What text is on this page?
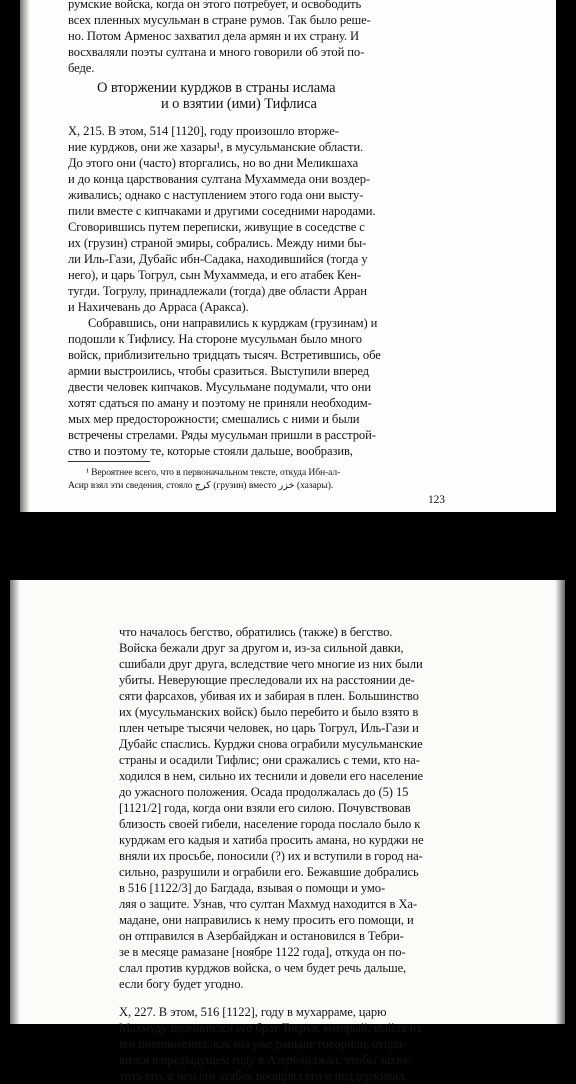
румские войска, когда он этого потребует, и освободить
всех пленных мусульман в стране румов. Так было реше-
но. Потом Арменос захватил дела армян и их страну. И
восхваляли поэты султана и много говорили об этой по-
беде.
О вторжении курджов в страны ислама
и о взятии (ими) Тифлиса
X, 215. В этом, 514 [1120], году произошло вторже-
ние курджов, они же хазары¹, в мусульманские области.
До этого они (часто) вторгались, но во дни Меликшаха
и до конца царствования султана Мухаммеда они воздер-
живались; однако с наступлением этого года они высту-
пили вместе с кипчаками и другими соседними народами.
Сговорившись путем переписки, живущие в соседстве с
их (грузин) страной эмиры, собрались. Между ними бы-
ли Иль-Гази, Дубайс ибн-Садака, находившийся (тогда у
него), и царь Тогрул, сын Мухаммеда, и его атабек Кен-
тугди. Тогрулу, принадлежали (тогда) две области Арран
и Нахичевань до Арраса (Аракса).
Собравшись, они направились к курджам (грузинам) и
подошли к Тифлису. На стороне мусульман было много
войск, приблизительно тридцать тысяч. Встретившись, обе
армии выстроились, чтобы сразиться. Выступили вперед
двести человек кипчаков. Мусульмане подумали, что они
хотят сдаться по аману и поэтому не приняли необходим-
мых мер предосторожности; смешались с ними и были
встречены стрелами. Ряды мусульман пришли в расстрой-
ство и поэтому те, которые стояли дальше, вообразив,
¹ Вероятнее всего, что в первоначальном тексте, откуда Ибн-ал-
Асир взял эти сведения, стояло کرج (грузин) вместо خزر (хазары).
123
что началось бегство, обратились (также) в бегство.
Войска бежали друг за другом и, из-за сильной давки,
сшибали друг друга, вследствие чего многие из них были
убиты. Неверующие преследовали их на расстоянии де-
сяти фарсахов, убивая их и забирая в плен. Большинство
их (мусульманских войск) было перебито и было взято в
плен четыре тысячи человек, но царь Тогрул, Иль-Гази и
Дубайс спаслись. Курджи снова ограбили мусульманские
страны и осадили Тифлис; они сражались с теми, кто на-
ходился в нем, сильно их теснили и довели его население
до ужасного положения. Осада продолжалась до (5) 15
[1121/2] года, когда они взяли его силою. Почувствовав
близость своей гибели, население города послало было к
курджам его кадыя и хатиба просить амана, но курджи не
вняли их просьбе, поносили (?) их и вступили в город на-
сильно, разрушили и ограбили его. Бежавшие добрались
в 516 [1122/3] до Багдада, взывая о помощи и умо-
ляя о защите. Узнав, что султан Махмуд находится в Ха-
мадане, они направились к нему просить его помощи, и
он отправился в Азербайджан и остановился в Тебри-
зе в месяце рамазане [ноябре 1122 года], откуда он по-
слал против курджов войска, о чем будет речь дальше,
если богу будет угодно.
X, 227. В этом, 516 [1122], году в мухарраме, царю
Махмуду подчинился его брат Тогрул, который, выйдя из
его повиновения, как мы уже раньше говорили, отпра-
вился в предыдущем году в Азербайджан, чтобы захва-
тить его, в чем его атабек поощрял его и поддерживал.
